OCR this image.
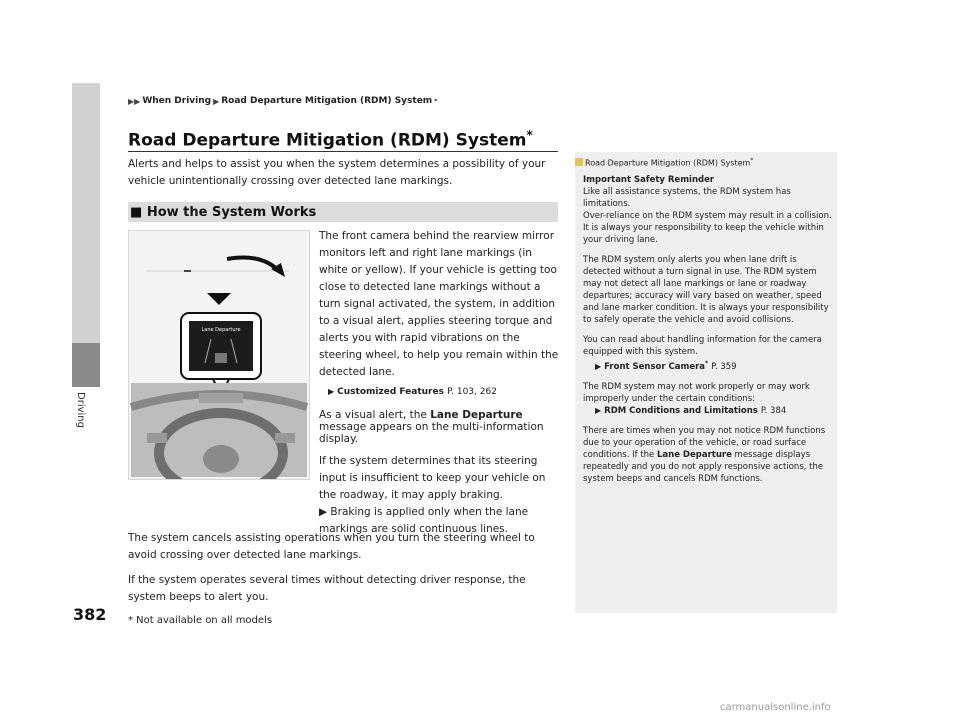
Driving
382
▶▶ When Driving ▶ Road Departure Mitigation (RDM) System *
Road Departure Mitigation (RDM) System*
Alerts and helps to assist you when the system determines a possibility of your vehicle unintentionally crossing over detected lane markings.
■ How the System Works
Lane Departure

The front camera behind the rearview mirror monitors left and right lane markings (in white or yellow). If your vehicle is getting too close to detected lane markings without a turn signal activated, the system, in addition to a visual alert, applies steering torque and alerts you with rapid vibrations on the steering wheel, to help you remain within the detected lane.

▶ Customized Features P. 103, 262

As a visual alert, the Lane Departure message appears on the multi-information display.

If the system determines that its steering input is insufficient to keep your vehicle on the roadway, it may apply braking.

▶ Braking is applied only when the lane markings are solid continuous lines.

The system cancels assisting operations when you turn the steering wheel to avoid crossing over detected lane markings.

If the system operates several times without detecting driver response, the system beeps to alert you.

* Not available on all models
Road Departure Mitigation (RDM) System*

Important Safety Reminder

Like all assistance systems, the RDM system has limitations.

Over-reliance on the RDM system may result in a collision. It is always your responsibility to keep the vehicle within your driving lane.

The RDM system only alerts you when lane drift is detected without a turn signal in use. The RDM system may not detect all lane markings or lane or roadway departures; accuracy will vary based on weather, speed and lane marker condition. It is always your responsibility to safely operate the vehicle and avoid collisions.

You can read about handling information for the camera equipped with this system.

▶ Front Sensor Camera* P. 359

The RDM system may not work properly or may work improperly under the certain conditions:

▶ RDM Conditions and Limitations P. 384

There are times when you may not notice RDM functions due to your operation of the vehicle, or road surface conditions. If the Lane Departure message displays repeatedly and you do not apply responsive actions, the system beeps and cancels RDM functions.

carmanualsonline.info
